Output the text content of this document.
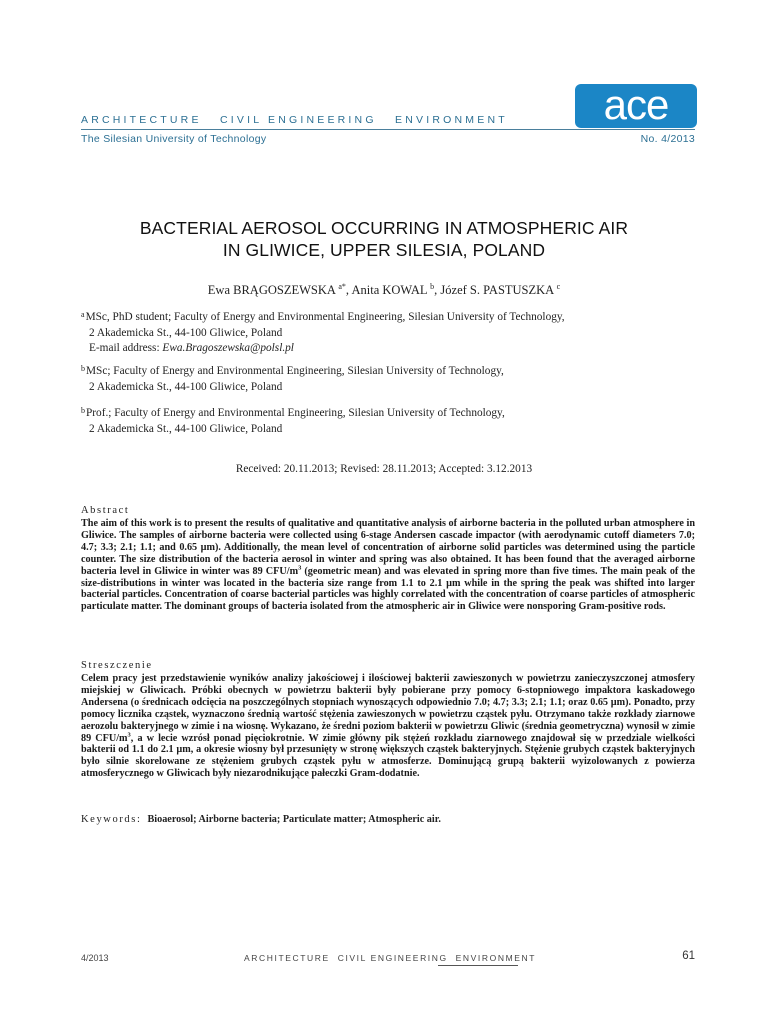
ARCHITECTURE   CIVIL ENGINEERING   ENVIRONMENT ace
The Silesian University of Technology	No. 4/2013
BACTERIAL AEROSOL OCCURRING IN ATMOSPHERIC AIR
IN GLIWICE, UPPER SILESIA, POLAND
Ewa BRĄGOSZEWSKA $^{a*}$, Anita KOWAL $^b$, Józef S. PASTUSZKA $^c$
$^a$MSc, PhD student; Faculty of Energy and Environmental Engineering, Silesian University of Technology,
2 Akademicka St., 44-100 Gliwice, Poland
E-mail address: Ewa.Bragoszewska@polsl.pl
$^b$MSc; Faculty of Energy and Environmental Engineering, Silesian University of Technology,
2 Akademicka St., 44-100 Gliwice, Poland
$^b$Prof.; Faculty of Energy and Environmental Engineering, Silesian University of Technology,
2 Akademicka St., 44-100 Gliwice, Poland
Received: 20.11.2013; Revised: 28.11.2013; Accepted: 3.12.2013
Abstract
The aim of this work is to present the results of qualitative and quantitative analysis of airborne bacteria in the polluted urban atmosphere in Gliwice. The samples of airborne bacteria were collected using 6-stage Andersen cascade impactor (with aerodynamic cutoff diameters 7.0; 4.7; 3.3; 2.1; 1.1; and 0.65 µm). Additionally, the mean level of concentration of airborne solid particles was determined using the particle counter. The size distribution of the bacteria aerosol in winter and spring was also obtained. It has been found that the averaged airborne bacteria level in Gliwice in winter was 89 CFU/$m^3$ (geometric mean) and was elevated in spring more than five times. The main peak of the size-distributions in winter was located in the bacteria size range from 1.1 to 2.1 µm while in the spring the peak was shifted into larger bacterial particles. Concentration of coarse bacterial particles was highly correlated with the concentration of coarse particles of atmospheric particulate matter. The dominant groups of bacteria isolated from the atmospheric air in Gliwice were nonsporing Gram-positive rods.
Streszczenie
Celem pracy jest przedstawienie wyników analizy jakościowej i ilościowej bakterii zawieszonych w powietrzu zanieczyszczonej atmosfery miejskiej w Gliwicach. Próbki obecnych w powietrzu bakterii były pobierane przy pomocy 6-stopniowego impaktora kaskadowego Andersena (o średnicach odcięcia na poszczególnych stopniach wynoszących odpowiednio 7.0; 4.7; 3.3; 2.1; 1.1; oraz 0.65 µm). Ponadto, przy pomocy licznika cząstek, wyznaczono średnią wartość stężenia zawieszonych w powietrzu cząstek pyłu. Otrzymano także rozkłady ziarnowe aerozolu bakteryjnego w zimie i na wiosnę. Wykazano, że średni poziom bakterii w powietrzu Gliwic (średnia geometryczna) wynosił w zimie 89 CFU/$m^3$, a w lecie wzrósł ponad pięciokrotnie. W zimie główny pik stężeń rozkładu ziarnowego znajdował się w przedziale wielkości bakterii od 1.1 do 2.1 µm, a okresie wiosny był przesunięty w stronę większych cząstek bakteryjnych. Stężenie grubych cząstek bakteryjnych było silnie skorelowane ze stężeniem grubych cząstek pyłu w atmosferze. Dominującą grupą bakterii wyizolowanych z powierza atmosferycznego w Gliwicach były niezarodnikujące pałeczki Gram-dodatnie.
Keywords: Bioaerosol; Airborne bacteria; Particulate matter; Atmospheric air.
4/2013	ARCHITECTURE  CIVIL ENGINEERING  ENVIRONMENT	61
